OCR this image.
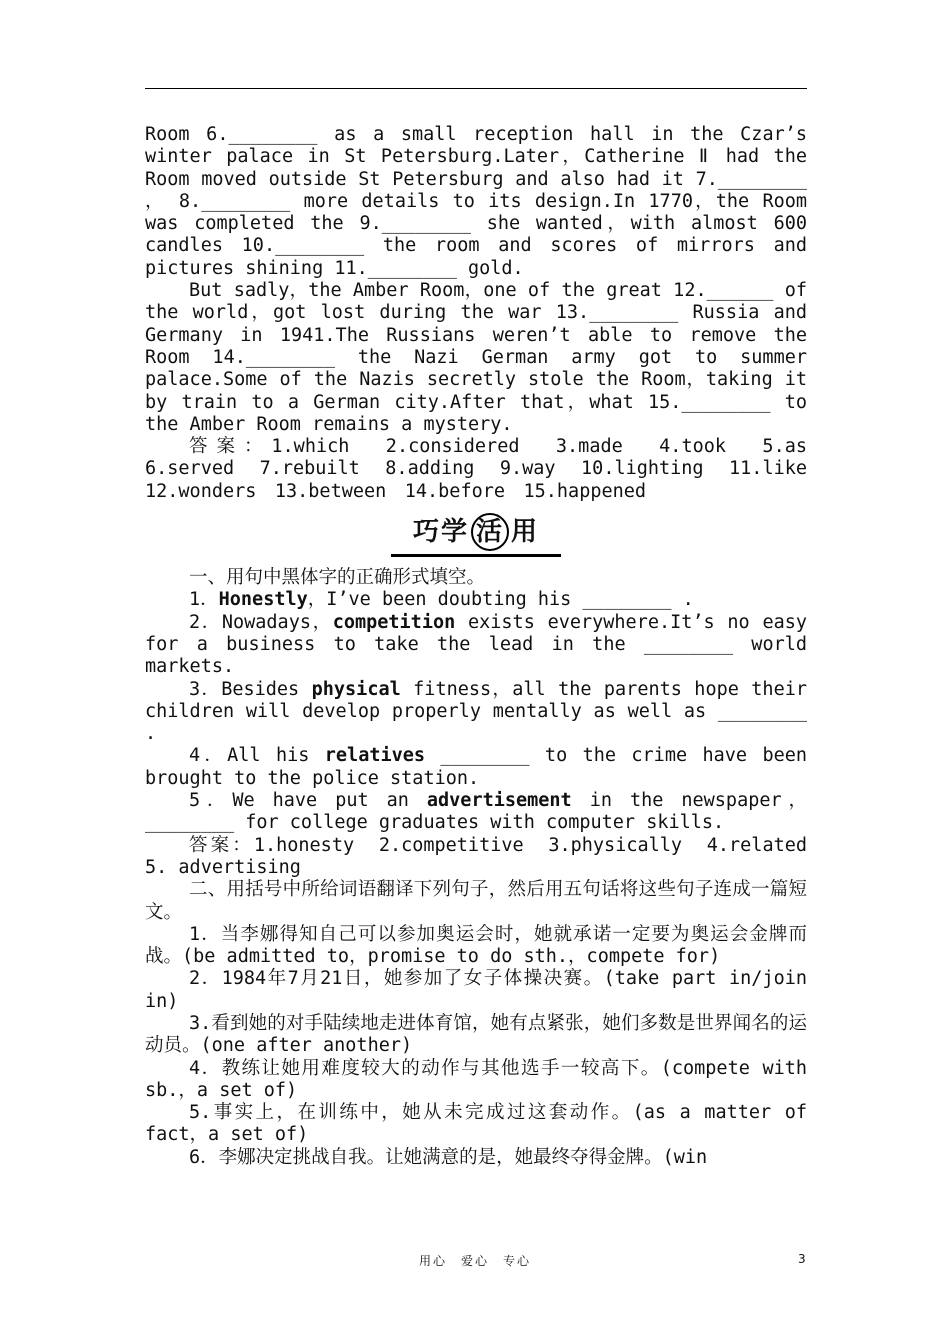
Room 6.________ as a small reception hall in the Czar’s winter palace in St Petersburg.Later，Catherine Ⅱ had the Room moved outside St Petersburg and also had it 7.________ ， 8.________ more details to its design.In 1770，the Room was completed the 9.________ she wanted，with almost 600 candles 10.________ the room and scores of mirrors and pictures shining 11.________ gold.

But sadly，the Amber Room，one of the great 12.______ of the world，got lost during the war 13.________ Russia and Germany in 1941.The Russians weren’t able to remove the Room 14.________ the Nazi German army got to summer palace.Some of the Nazis secretly stole the Room，taking it by train to a German city.After that，what 15.________ to the Amber Room remains a mystery.

答案：1.which　2.considered　3.made　4.took　5.as　6.served　7.rebuilt　8.adding　9.way　10.lighting　11.like　12.wonders　13.between　14.before　15.happened

巧学 活 用

一、用句中黑体字的正确形式填空。

1．Honestly，I’ve been doubting his ________ .

2．Nowadays，competition exists everywhere.It’s no easy for a business to take the lead in the ________ world markets.

3．Besides physical fitness，all the parents hope their children will develop properly mentally as well as ________ .

4．All his relatives ________ to the crime have been brought to the police station.

5．We have put an advertisement in the newspaper，________ for college graduates with computer skills.

答案：1.honesty　2.competitive　3.physically　4.related　5. advertising

二、用括号中所给词语翻译下列句子，然后用五句话将这些句子连成一篇短文。

1．当李娜得知自己可以参加奥运会时，她就承诺一定要为奥运会金牌而战。(be admitted to，promise to do sth.，compete for)

2．1984年7月21日，她参加了女子体操决赛。(take part in/join in)

3.看到她的对手陆续地走进体育馆，她有点紧张，她们多数是世界闻名的运动员。(one after another)

4．教练让她用难度较大的动作与其他选手一较高下。(compete with sb.，a set of)

5.事实上，在训练中，她从未完成过这套动作。(as a matter of fact，a set of)

6．李娜决定挑战自我。让她满意的是，她最终夺得金牌。(win

用心　爱心　专心	3
